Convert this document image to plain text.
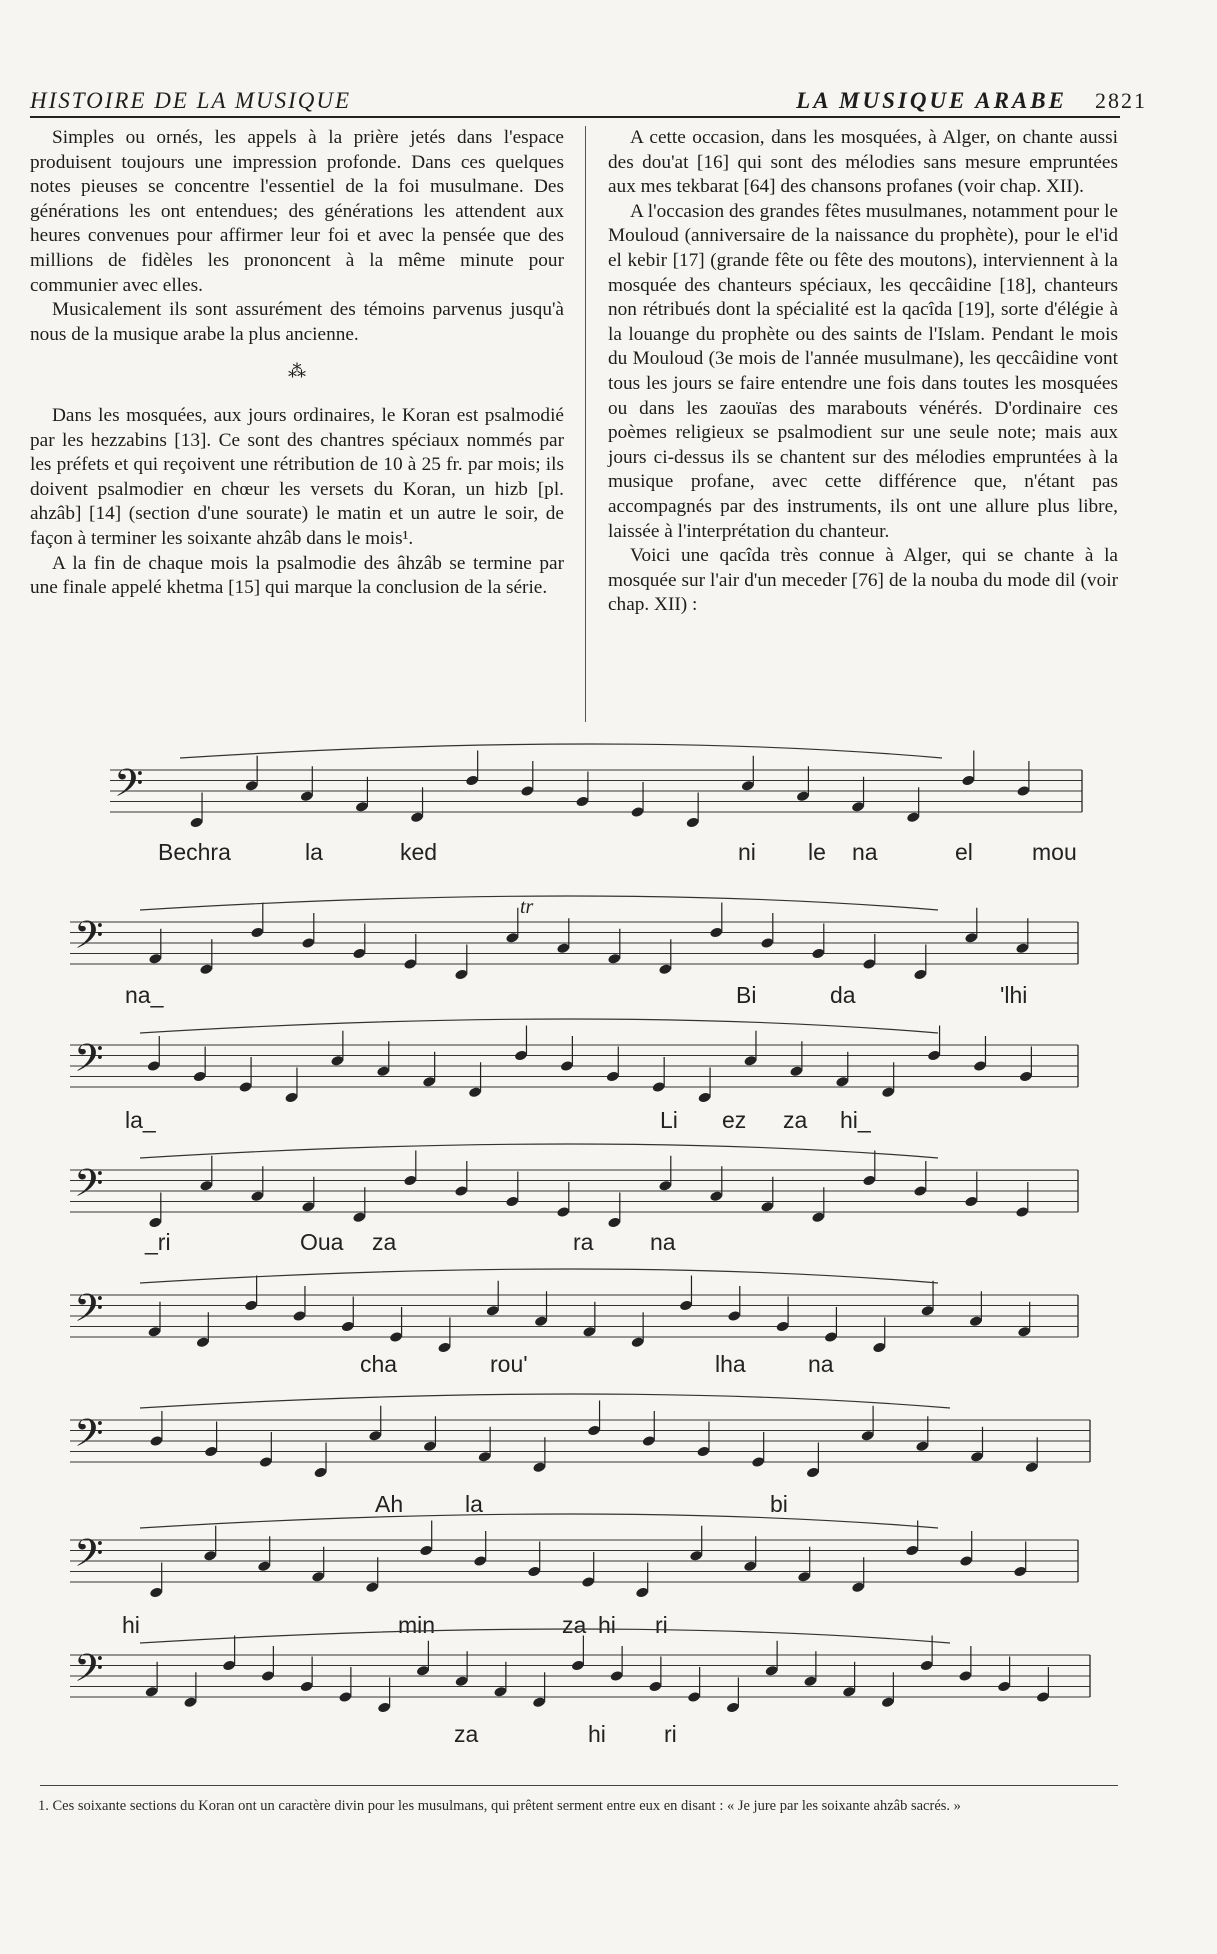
HISTOIRE DE LA MUSIQUE	LA MUSIQUE ARABE 2821

Simples ou ornés, les appels à la prière jetés dans l'espace produisent toujours une impression profonde. Dans ces quelques notes pieuses se concentre l'essentiel de la foi musulmane. Des générations les ont entendues; des générations les attendent aux heures convenues pour affirmer leur foi et avec la pensée que des millions de fidèles les prononcent à la même minute pour communier avec elles.

Musicalement ils sont assurément des témoins parvenus jusqu'à nous de la musique arabe la plus ancienne.

⁂

Dans les mosquées, aux jours ordinaires, le Koran est psalmodié par les hezzabins [13]. Ce sont des chantres spéciaux nommés par les préfets et qui reçoivent une rétribution de 10 à 25 fr. par mois; ils doivent psalmodier en chœur les versets du Koran, un hizb [pl. ahzâb] [14] (section d'une sourate) le matin et un autre le soir, de façon à terminer les soixante ahzâb dans le mois¹.

A la fin de chaque mois la psalmodie des âhzâb se termine par une finale appelé khetma [15] qui marque la conclusion de la série.

A cette occasion, dans les mosquées, à Alger, on chante aussi des dou'at [16] qui sont des mélodies sans mesure empruntées aux mes tekbarat [64] des chansons profanes (voir chap. XII).

A l'occasion des grandes fêtes musulmanes, notamment pour le Mouloud (anniversaire de la naissance du prophète), pour le el'id el kebir [17] (grande fête ou fête des moutons), interviennent à la mosquée des chanteurs spéciaux, les qeccâidine [18], chanteurs non rétribués dont la spécialité est la qacîda [19], sorte d'élégie à la louange du prophète ou des saints de l'Islam. Pendant le mois du Mouloud (3e mois de l'année musulmane), les qeccâidine vont tous les jours se faire entendre une fois dans toutes les mosquées ou dans les zaouïas des marabouts vénérés. D'ordinaire ces poèmes religieux se psalmodient sur une seule note; mais aux jours ci-dessus ils se chantent sur des mélodies empruntées à la musique profane, avec cette différence que, n'étant pas accompagnés par des instruments, ils ont une allure plus libre, laissée à l'interprétation du chanteur.

Voici une qacîda très connue à Alger, qui se chante à la mosquée sur l'air d'un meceder [76] de la nouba du mode dil (voir chap. XII) :

𝄢
Bechra	la	ked	ni le na	el	mou
𝄢
na_	Bi	da	'lhi
𝄢
la_	Li ez za hi_
𝄢
_ri	Oua za	ra na
𝄢
cha	rou'	lha	na
𝄢
Ah	la	bi
𝄢
hi	min	za hi ri
𝄢
za	hi	ri
tr
1. Ces soixante sections du Koran ont un caractère divin pour les musulmans, qui prêtent serment entre eux en disant : « Je jure par les soixante ahzâb sacrés. »
